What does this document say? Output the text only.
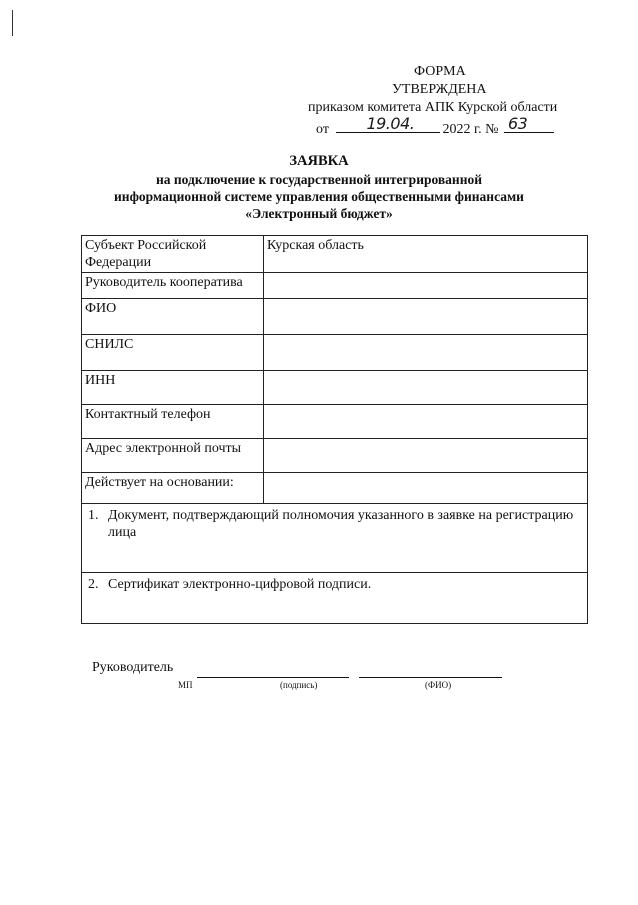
ФОРМА
УТВЕРЖДЕНА
приказом комитета АПК Курской области
от 19.04. 2022 г. № 63
ЗАЯВКА
на подключение к государственной интегрированной
информационной системе управления общественными финансами
«Электронный бюджет»
Субъект Российской Федерации	Курская область
Руководитель кооператива	
ФИО	
СНИЛС	
ИНН	
Контактный телефон	
Адрес электронной почты	
Действует на основании:	

1. Документ, подтверждающий полномочия указанного в заявке на регистрацию лица	

2. Сертификат электронно-цифровой подписи.	
Руководитель
МП	(подпись)	(ФИО)
